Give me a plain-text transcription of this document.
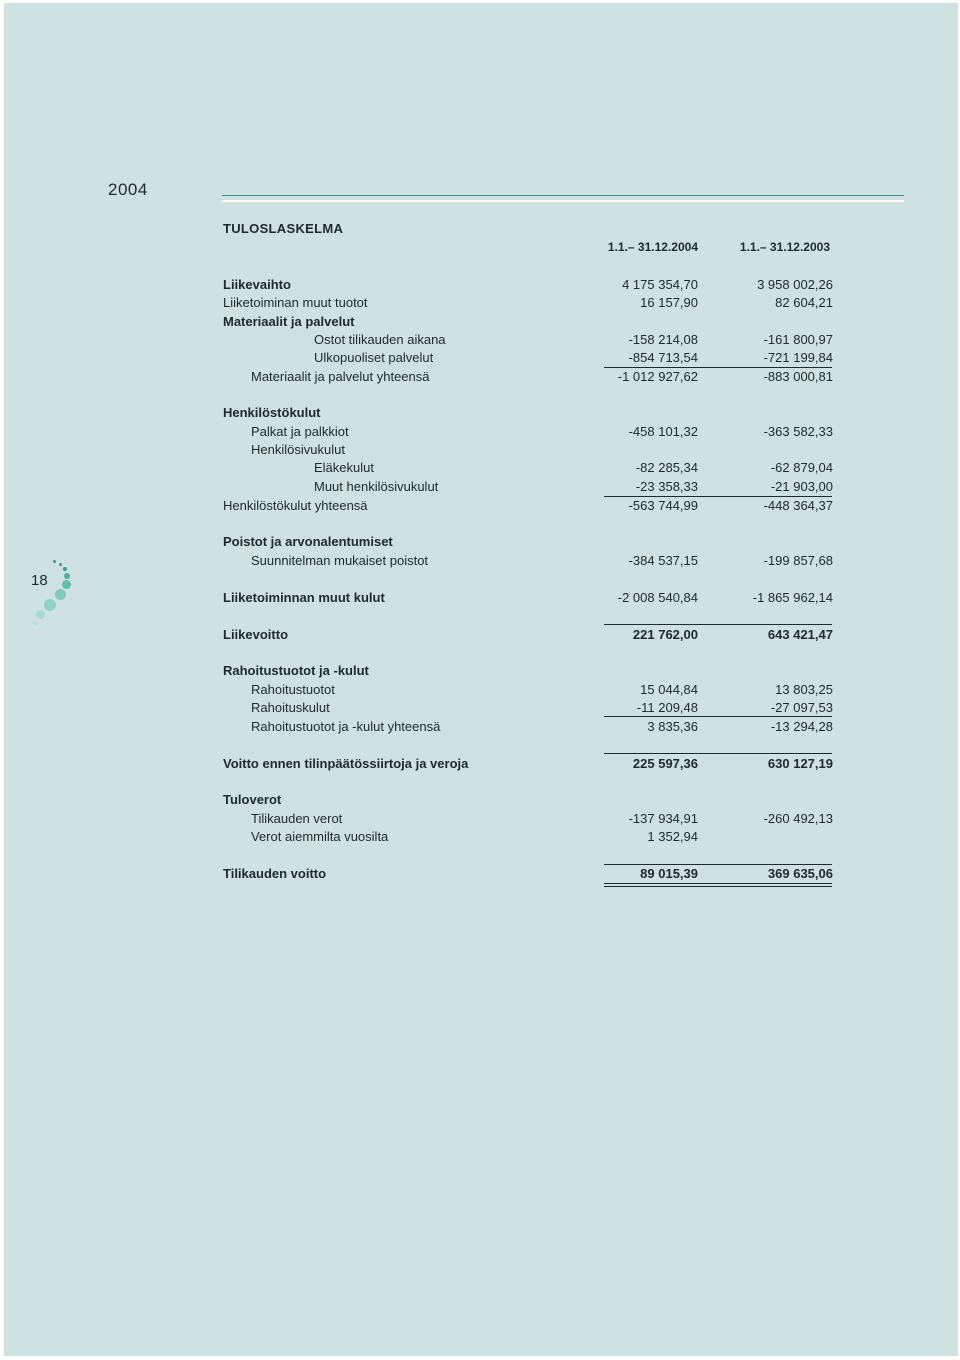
2004
TULOSLASKELMA
1.1.– 31.12.2004	1.1.– 31.12.2003
Liikevaihto	4 175 354,70	3 958 002,26
Liiketoiminan muut tuotot	16 157,90	82 604,21
Materiaalit ja palvelut
Ostot tilikauden aikana	-158 214,08	-161 800,97
Ulkopuoliset palvelut	-854 713,54	-721 199,84
Materiaalit ja palvelut yhteensä	-1 012 927,62	-883 000,81
Henkilöstökulut
Palkat ja palkkiot	-458 101,32	-363 582,33
Henkilösivukulut
Eläkekulut	-82 285,34	-62 879,04
Muut henkilösivukulut	-23 358,33	-21 903,00
Henkilöstökulut yhteensä	-563 744,99	-448 364,37
Poistot ja arvonalentumiset
Suunnitelman mukaiset poistot	-384 537,15	-199 857,68
Liiketoiminnan muut kulut	-2 008 540,84	-1 865 962,14
Liikevoitto	221 762,00	643 421,47
Rahoitustuotot ja -kulut
Rahoitustuotot	15 044,84	13 803,25
Rahoituskulut	-11 209,48	-27 097,53
Rahoitustuotot ja -kulut yhteensä	3 835,36	-13 294,28
Voitto ennen tilinpäätössiirtoja ja veroja	225 597,36	630 127,19
Tuloverot
Tilikauden verot	-137 934,91	-260 492,13
Verot aiemmilta vuosilta	1 352,94
Tilikauden voitto	89 015,39	369 635,06
18
